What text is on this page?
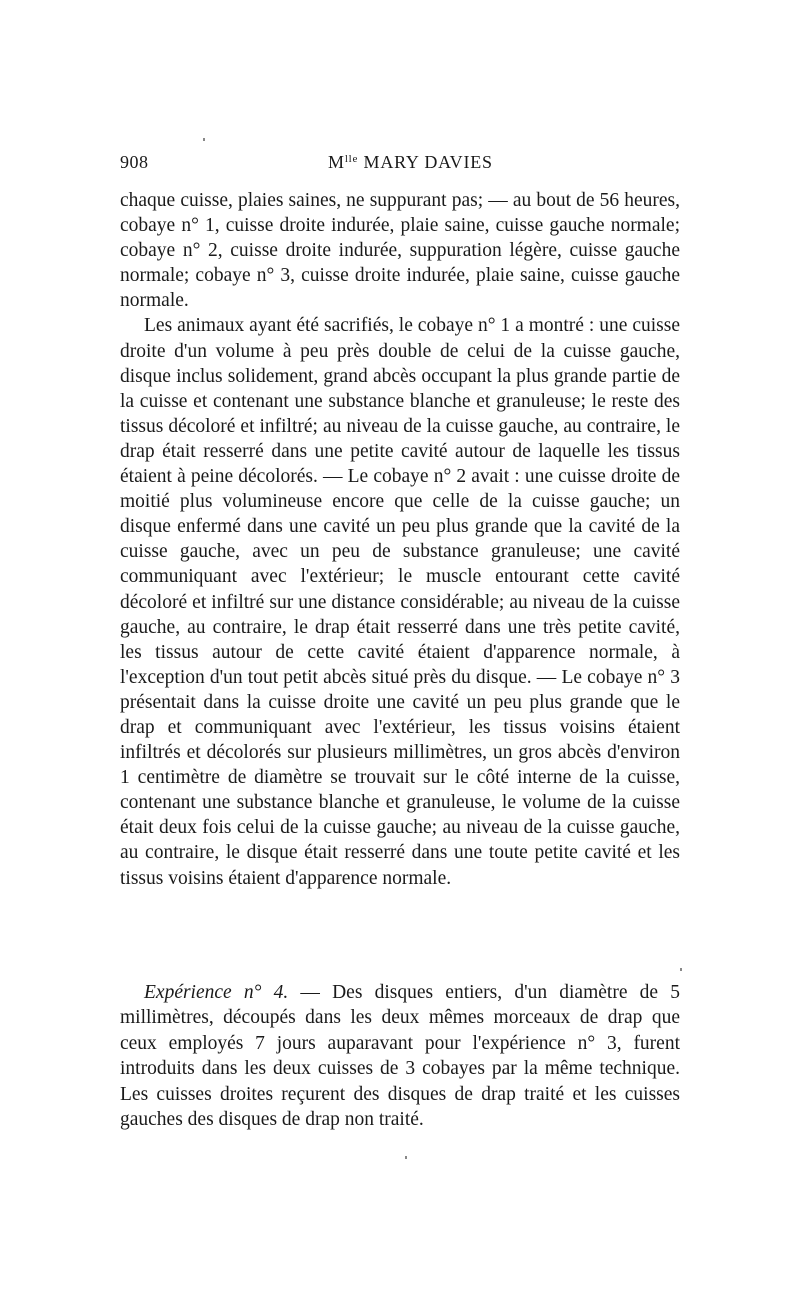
908	$M^{lle}$ MARY DAVIES

chaque cuisse, plaies saines, ne suppurant pas; — au bout de 56 heures, cobaye n° 1, cuisse droite indurée, plaie saine, cuisse gauche normale; cobaye n° 2, cuisse droite indurée, suppuration légère, cuisse gauche normale; cobaye n° 3, cuisse droite indurée, plaie saine, cuisse gauche normale.

Les animaux ayant été sacrifiés, le cobaye n° 1 a montré : une cuisse droite d'un volume à peu près double de celui de la cuisse gauche, disque inclus solidement, grand abcès occupant la plus grande partie de la cuisse et contenant une substance blanche et granuleuse; le reste des tissus décoloré et infiltré; au niveau de la cuisse gauche, au contraire, le drap était resserré dans une petite cavité autour de laquelle les tissus étaient à peine décolorés. — Le cobaye n° 2 avait : une cuisse droite de moitié plus volumineuse encore que celle de la cuisse gauche; un disque enfermé dans une cavité un peu plus grande que la cavité de la cuisse gauche, avec un peu de substance granuleuse; une cavité communiquant avec l'extérieur; le muscle entourant cette cavité décoloré et infiltré sur une distance considérable; au niveau de la cuisse gauche, au contraire, le drap était resserré dans une très petite cavité, les tissus autour de cette cavité étaient d'apparence normale, à l'exception d'un tout petit abcès situé près du disque. — Le cobaye n° 3 présentait dans la cuisse droite une cavité un peu plus grande que le drap et communiquant avec l'extérieur, les tissus voisins étaient infiltrés et décolorés sur plusieurs millimètres, un gros abcès d'environ 1 centimètre de diamètre se trouvait sur le côté interne de la cuisse, contenant une substance blanche et granuleuse, le volume de la cuisse était deux fois celui de la cuisse gauche; au niveau de la cuisse gauche, au contraire, le disque était resserré dans une toute petite cavité et les tissus voisins étaient d'apparence normale.

Expérience n° 4. — Des disques entiers, d'un diamètre de 5 millimètres, découpés dans les deux mêmes morceaux de drap que ceux employés 7 jours auparavant pour l'expérience n° 3, furent introduits dans les deux cuisses de 3 cobayes par la même technique. Les cuisses droites reçurent des disques de drap traité et les cuisses gauches des disques de drap non traité.
